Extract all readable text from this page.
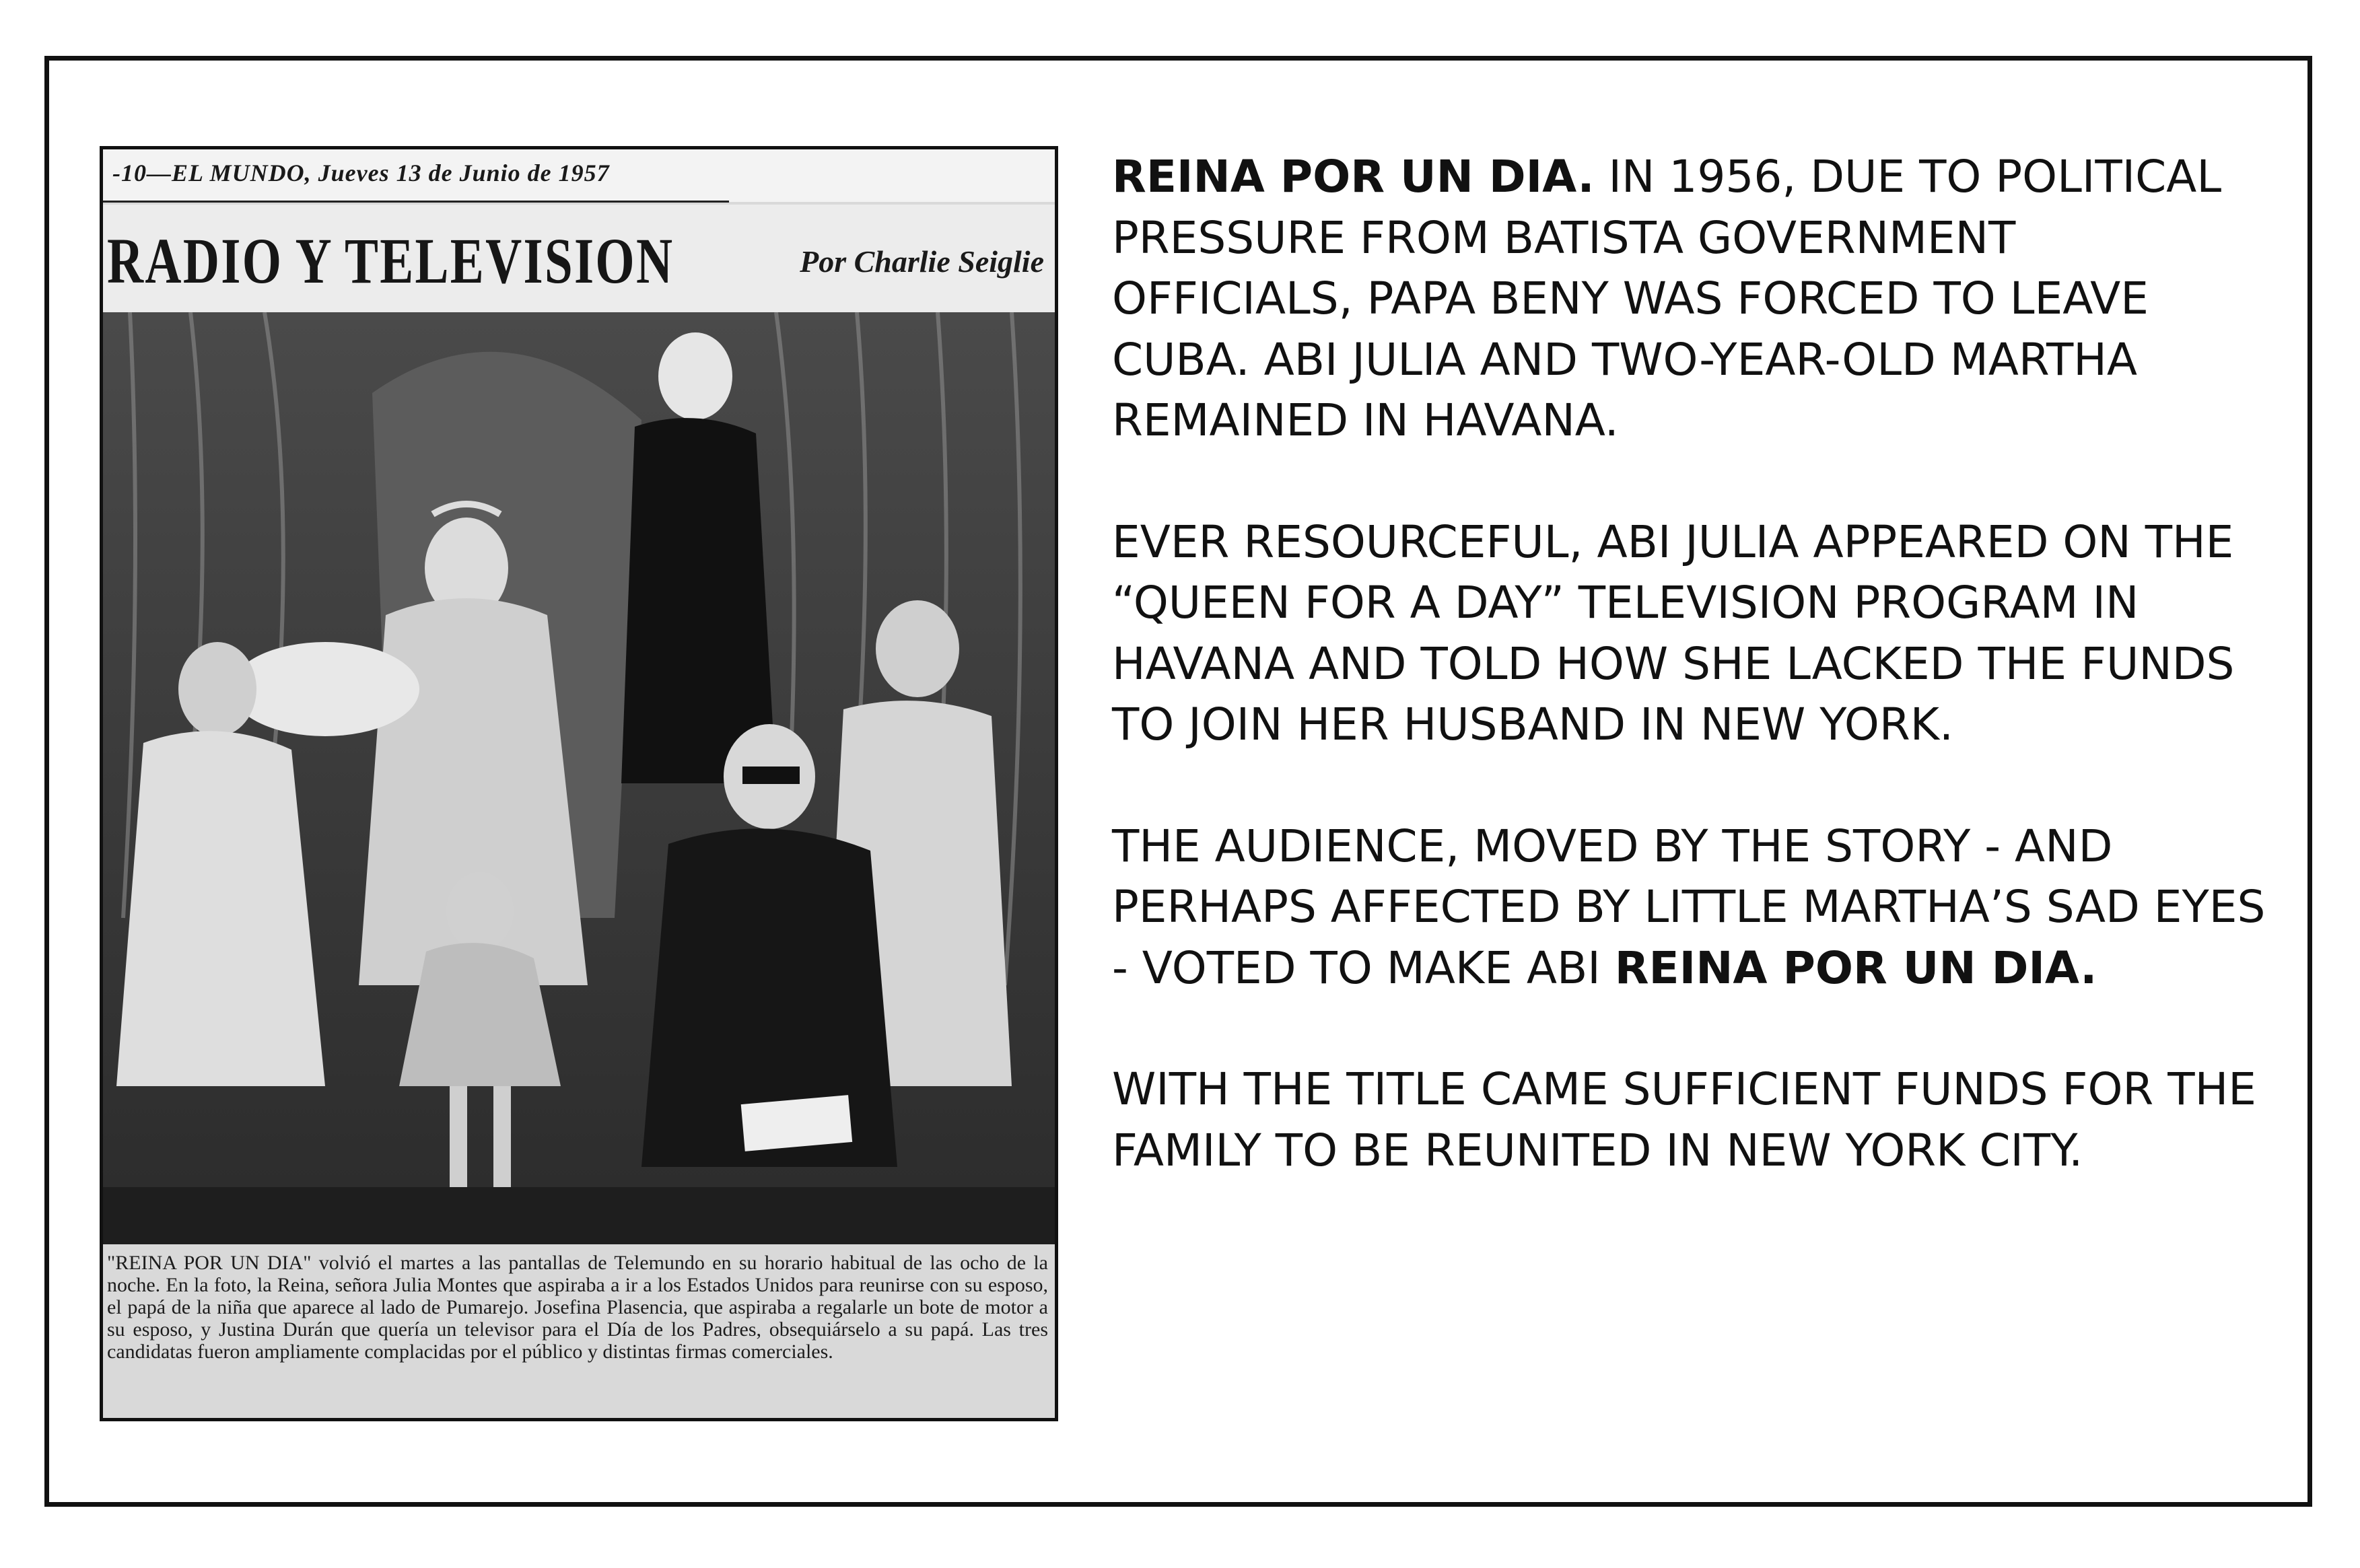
-10—EL MUNDO, Jueves 13 de Junio de 1957
RADIO Y TELEVISION	Por Charlie Seiglie
"REINA POR UN DIA" volvió el martes a las pantallas de Telemundo en su horario habitual de las ocho de la noche. En la foto, la Reina, señora Julia Montes que aspiraba a ir a los Estados Unidos para reunirse con su esposo, el papá de la niña que aparece al lado de Pumarejo. Josefina Plasencia, que aspiraba a regalarle un bote de motor a su esposo, y Justina Durán que quería un televisor para el Día de los Padres, obsequiárselo a su papá. Las tres candidatas fueron ampliamente complacidas por el público y distintas firmas comerciales.

REINA POR UN DIA. IN 1956, DUE TO POLITICAL PRESSURE FROM BATISTA GOVERNMENT OFFICIALS, PAPA BENY WAS FORCED TO LEAVE CUBA. ABI JULIA AND TWO-YEAR-OLD MARTHA REMAINED IN HAVANA.

EVER RESOURCEFUL, ABI JULIA APPEARED ON THE “QUEEN FOR A DAY” TELEVISION PROGRAM IN HAVANA AND TOLD HOW SHE LACKED THE FUNDS TO JOIN HER HUSBAND IN NEW YORK.

THE AUDIENCE, MOVED BY THE STORY - AND PERHAPS AFFECTED BY LITTLE MARTHA’S SAD EYES - VOTED TO MAKE ABI REINA POR UN DIA.

WITH THE TITLE CAME SUFFICIENT FUNDS FOR THE FAMILY TO BE REUNITED IN NEW YORK CITY.
